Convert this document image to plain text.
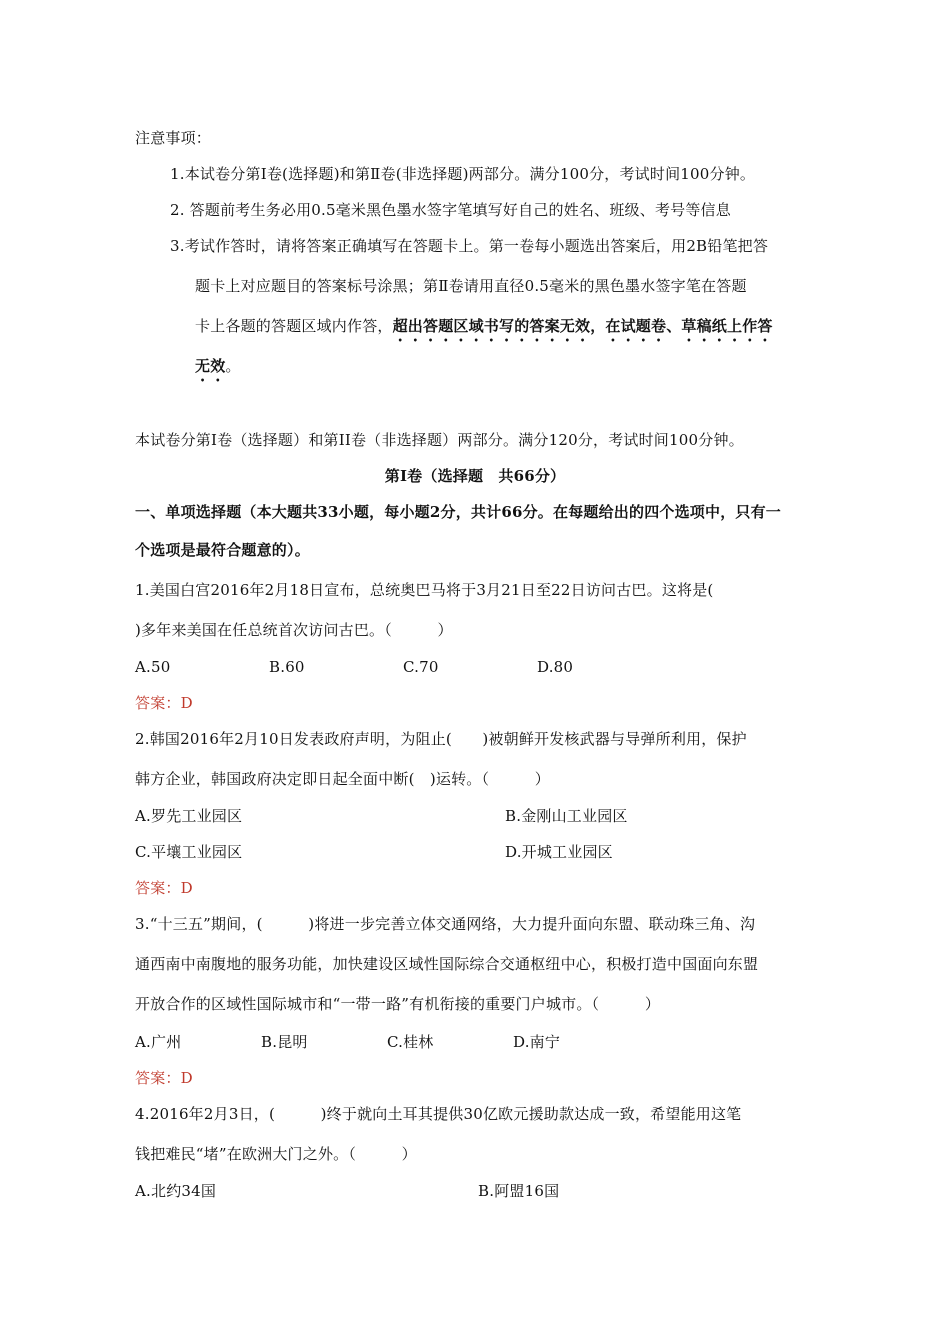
注意事项：
1.本试卷分第Ⅰ卷(选择题)和第Ⅱ卷(非选择题)两部分。满分100分，考试时间100分钟。
2. 答题前考生务必用0.5毫米黑色墨水签字笔填写好自己的姓名、班级、考号等信息
3.考试作答时，请将答案正确填写在答题卡上。第一卷每小题选出答案后，用2B铅笔把答
题卡上对应题目的答案标号涂黑；第Ⅱ卷请用直径0.5毫米的黑色墨水签字笔在答题
卡上各题的答题区域内作答，超出答题区域书写的答案无效，在试题卷、草稿纸上作答
无效。
本试卷分第Ⅰ卷（选择题）和第II卷（非选择题）两部分。满分120分，考试时间100分钟。
第Ⅰ卷（选择题　共66分）
一、单项选择题（本大题共33小题，每小题2分，共计66分。在每题给出的四个选项中，只有一
个选项是最符合题意的）。
1.美国白宫2016年2月18日宣布，总统奥巴马将于3月21日至22日访问古巴。这将是(
)多年来美国在任总统首次访问古巴。（　　　）
A.50	B.60	C.70	D.80
答案：D
2.韩国2016年2月10日发表政府声明，为阻止(　　)被朝鲜开发核武器与导弹所利用，保护
韩方企业，韩国政府决定即日起全面中断(　)运转。（　　　）
A.罗先工业园区	B.金刚山工业园区
C.平壤工业园区	D.开城工业园区
答案：D
3.“十三五”期间，(　　　)将进一步完善立体交通网络，大力提升面向东盟、联动珠三角、沟
通西南中南腹地的服务功能，加快建设区域性国际综合交通枢纽中心，积极打造中国面向东盟
开放合作的区域性国际城市和“一带一路”有机衔接的重要门户城市。（　　　）
A.广州	B.昆明	C.桂林	D.南宁
答案：D
4.2016年2月3日，(　　　)终于就向土耳其提供30亿欧元援助款达成一致，希望能用这笔
钱把难民“堵”在欧洲大门之外。（　　　）
A.北约34国	B.阿盟16国
